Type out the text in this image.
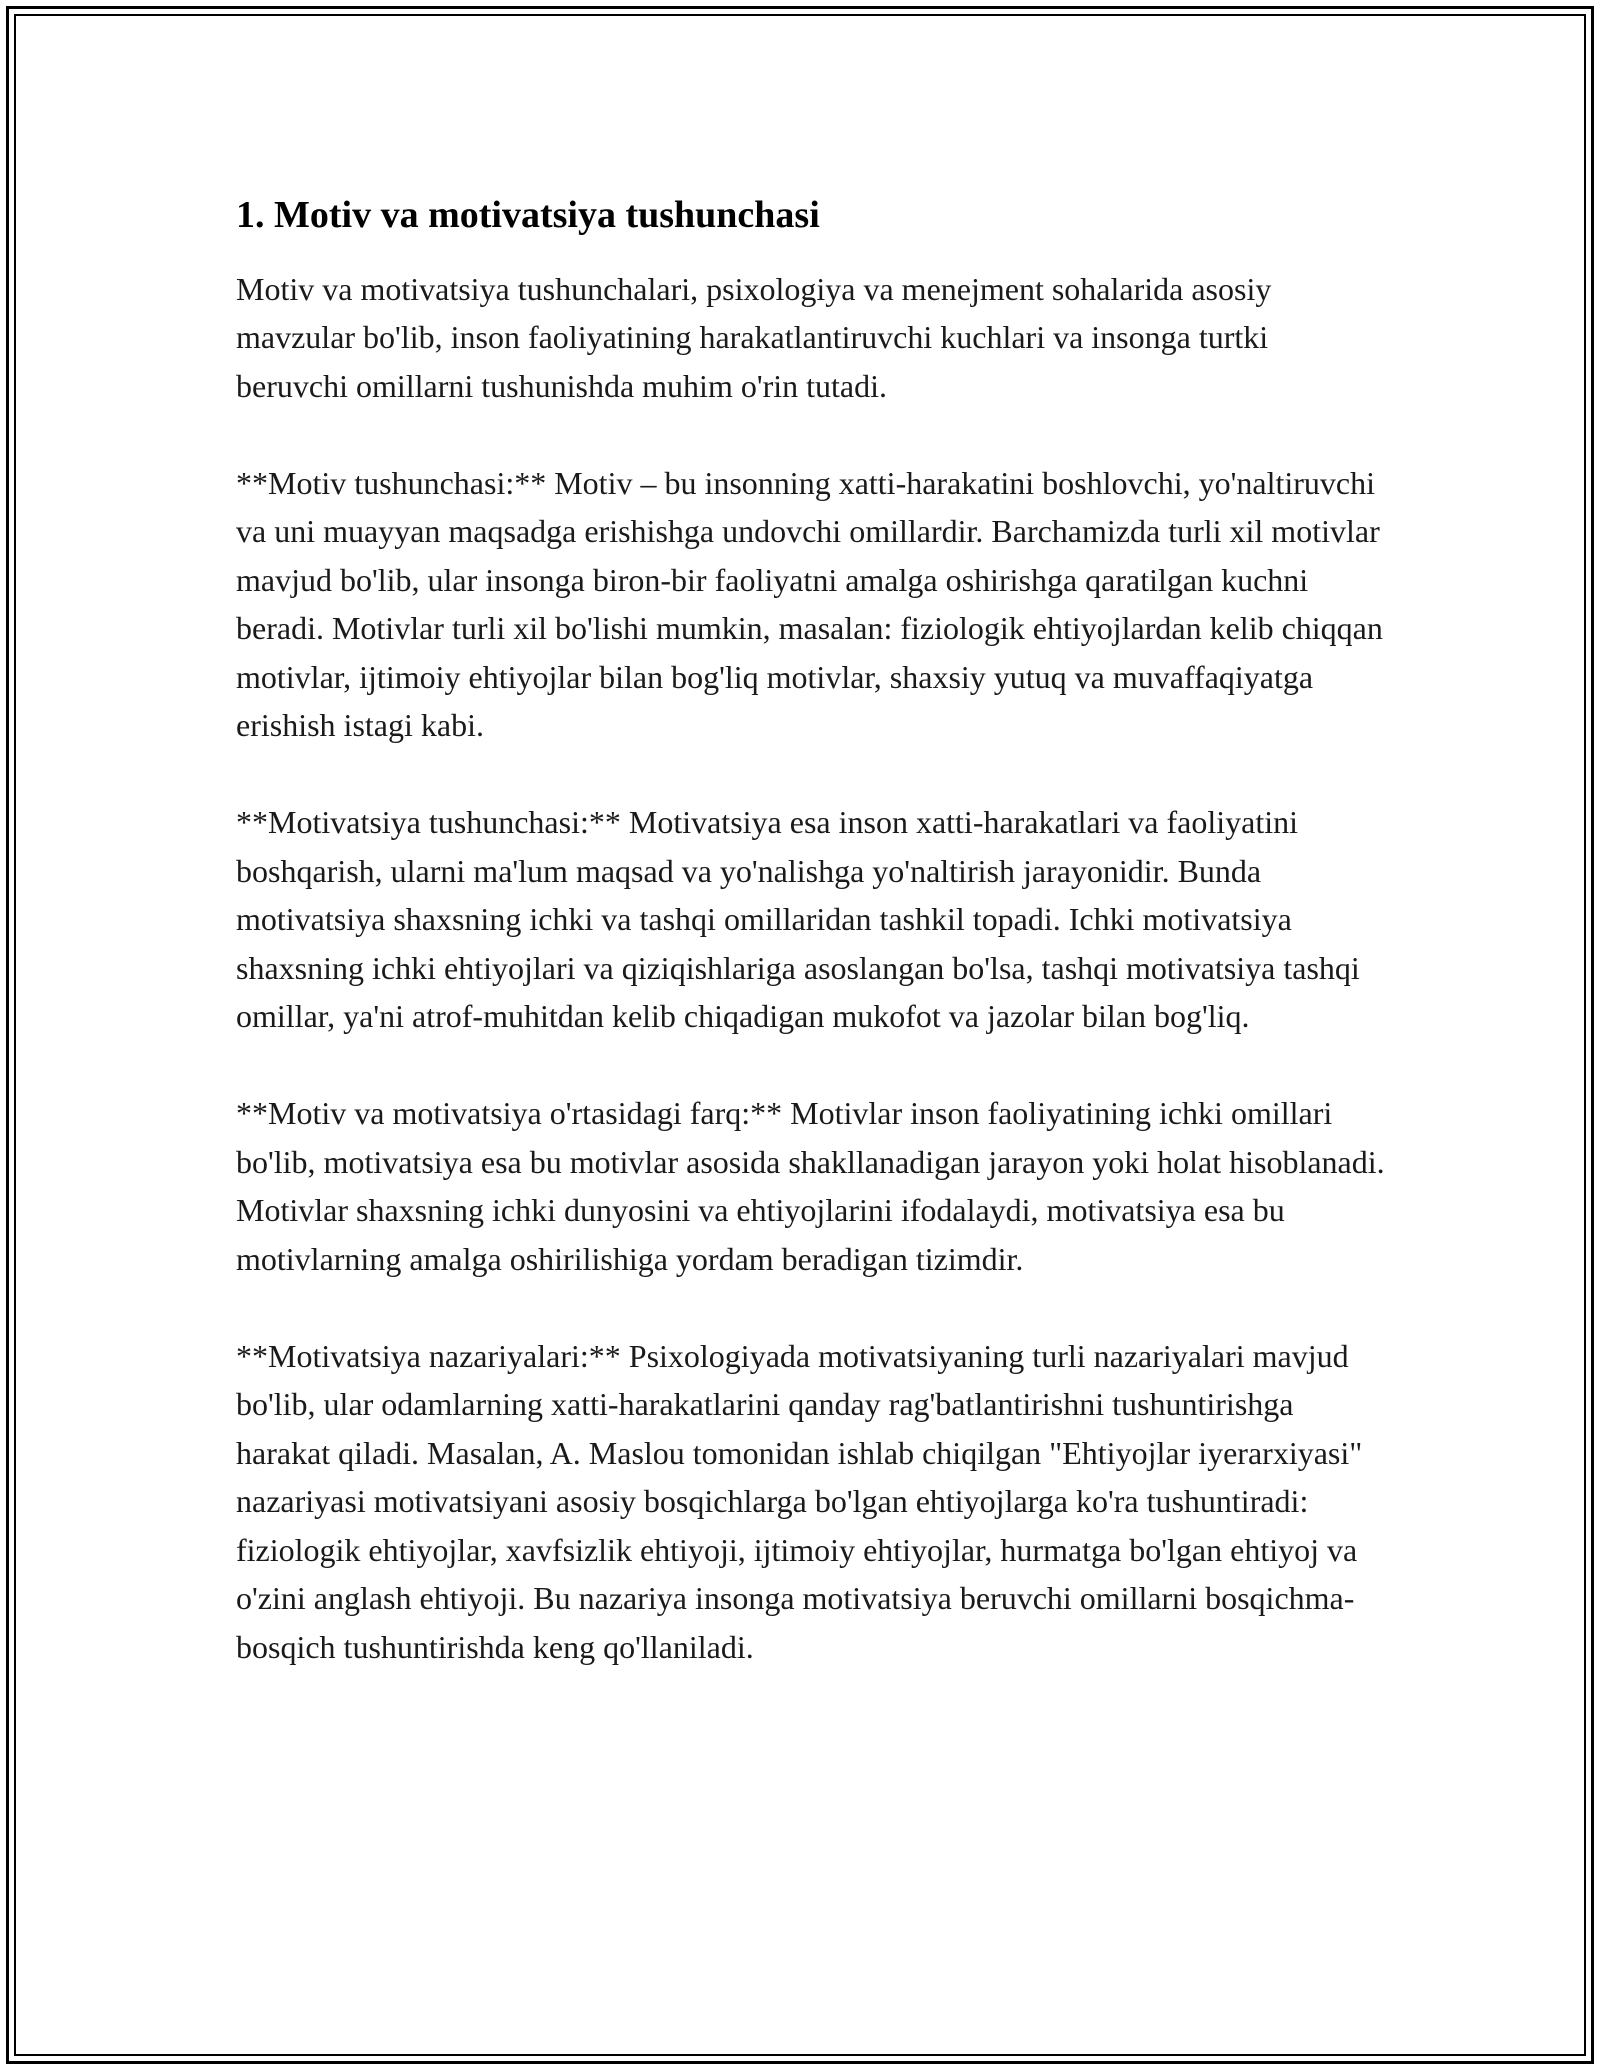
1. Motiv va motivatsiya tushunchasi

Motiv va motivatsiya tushunchalari, psixologiya va menejment sohalarida asosiy mavzular bo'lib, inson faoliyatining harakatlantiruvchi kuchlari va insonga turtki beruvchi omillarni tushunishda muhim o'rin tutadi.

**Motiv tushunchasi:** Motiv – bu insonning xatti-harakatini boshlovchi, yo'naltiruvchi va uni muayyan maqsadga erishishga undovchi omillardir. Barchamizda turli xil motivlar mavjud bo'lib, ular insonga biron-bir faoliyatni amalga oshirishga qaratilgan kuchni beradi. Motivlar turli xil bo'lishi mumkin, masalan: fiziologik ehtiyojlardan kelib chiqqan motivlar, ijtimoiy ehtiyojlar bilan bog'liq motivlar, shaxsiy yutuq va muvaffaqiyatga erishish istagi kabi.

**Motivatsiya tushunchasi:** Motivatsiya esa inson xatti-harakatlari va faoliyatini boshqarish, ularni ma'lum maqsad va yo'nalishga yo'naltirish jarayonidir. Bunda motivatsiya shaxsning ichki va tashqi omillaridan tashkil topadi. Ichki motivatsiya shaxsning ichki ehtiyojlari va qiziqishlariga asoslangan bo'lsa, tashqi motivatsiya tashqi omillar, ya'ni atrof-muhitdan kelib chiqadigan mukofot va jazolar bilan bog'liq.

**Motiv va motivatsiya o'rtasidagi farq:** Motivlar inson faoliyatining ichki omillari bo'lib, motivatsiya esa bu motivlar asosida shakllanadigan jarayon yoki holat hisoblanadi. Motivlar shaxsning ichki dunyosini va ehtiyojlarini ifodalaydi, motivatsiya esa bu motivlarning amalga oshirilishiga yordam beradigan tizimdir.

**Motivatsiya nazariyalari:** Psixologiyada motivatsiyaning turli nazariyalari mavjud bo'lib, ular odamlarning xatti-harakatlarini qanday rag'batlantirishni tushuntirishga harakat qiladi. Masalan, A. Maslou tomonidan ishlab chiqilgan "Ehtiyojlar iyerarxiyasi" nazariyasi motivatsiyani asosiy bosqichlarga bo'lgan ehtiyojlarga ko'ra tushuntiradi: fiziologik ehtiyojlar, xavfsizlik ehtiyoji, ijtimoiy ehtiyojlar, hurmatga bo'lgan ehtiyoj va o'zini anglash ehtiyoji. Bu nazariya insonga motivatsiya beruvchi omillarni bosqichma-bosqich tushuntirishda keng qo'llaniladi.
